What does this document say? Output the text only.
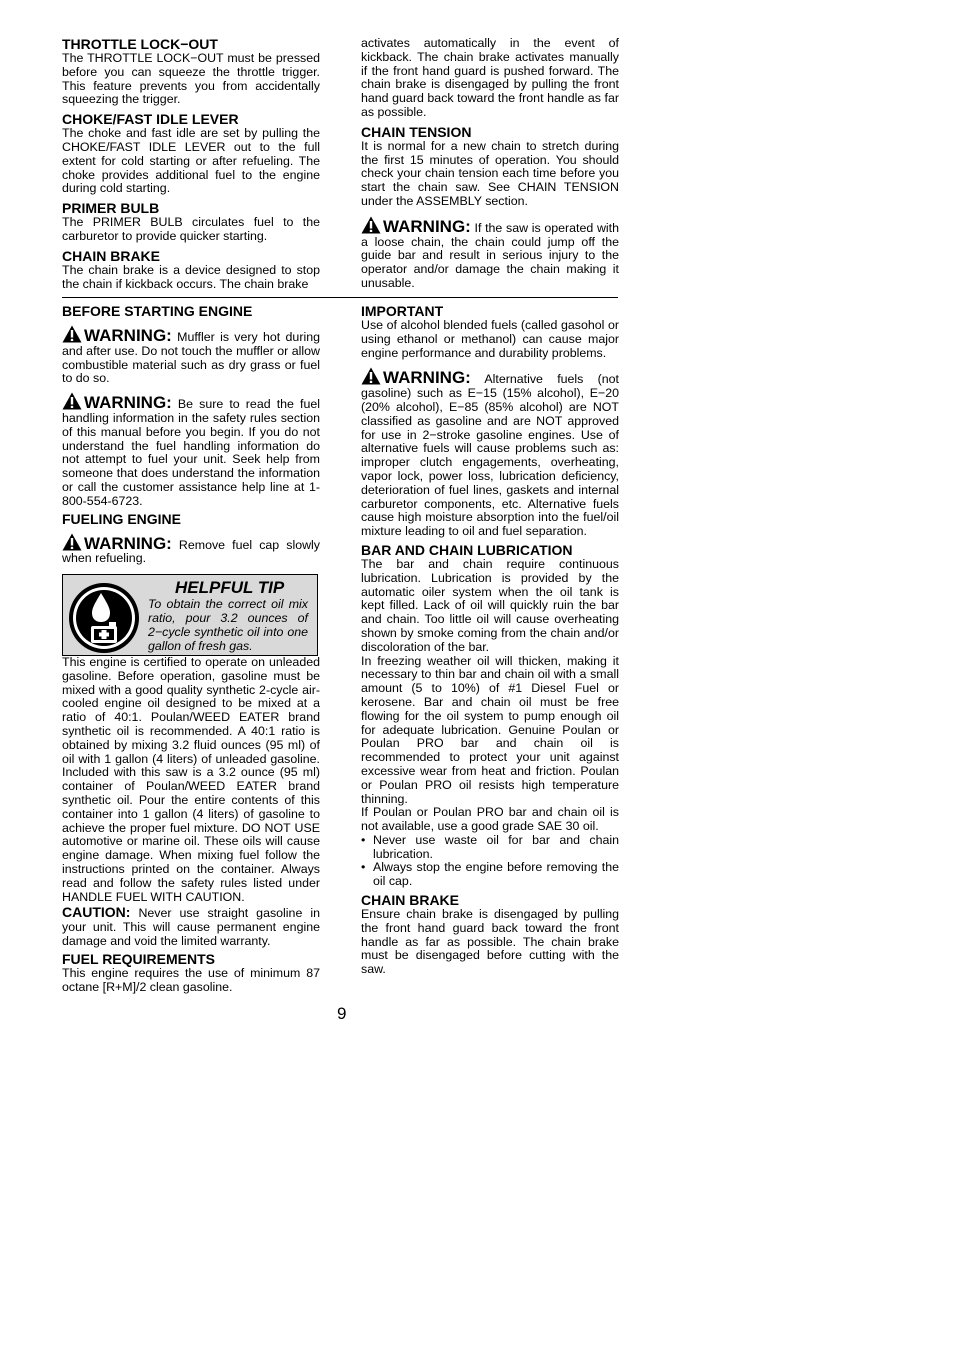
THROTTLE LOCK−OUT

The THROTTLE LOCK−OUT must be pressed before you can squeeze the throttle trigger. This feature prevents you from accidentally squeezing the trigger.

CHOKE/FAST IDLE LEVER

The choke and fast idle are set by pulling the CHOKE/FAST IDLE LEVER out to the full extent for cold starting or after refueling. The choke provides additional fuel to the engine during cold starting.

PRIMER BULB

The PRIMER BULB circulates fuel to the carburetor to provide quicker starting.

CHAIN BRAKE

The chain brake is a device designed to stop the chain if kickback occurs. The chain brake

activates automatically in the event of kickback. The chain brake activates manually if the front hand guard is pushed forward. The chain brake is disengaged by pulling the front hand guard back toward the front handle as far as possible.

CHAIN TENSION

It is normal for a new chain to stretch during the first 15 minutes of operation. You should check your chain tension each time before you start the chain saw. See CHAIN TENSION under the ASSEMBLY section.

WARNING: If the saw is operated with a loose chain, the chain could jump off the guide bar and result in serious injury to the operator and/or damage the chain making it unusable.

BEFORE STARTING ENGINE

WARNING: Muffler is very hot during and after use. Do not touch the muffler or allow combustible material such as dry grass or fuel to do so.

WARNING: Be sure to read the fuel handling information in the safety rules section of this manual before you begin. If you do not understand the fuel handling information do not attempt to fuel your unit. Seek help from someone that does understand the information or call the customer assistance help line at 1-800-554-6723.

FUELING ENGINE

WARNING: Remove fuel cap slowly when refueling.

HELPFUL TIP
To obtain the correct oil mix ratio, pour 3.2 ounces of 2−cycle synthetic oil into one gallon of fresh gas.

This engine is certified to operate on unleaded gasoline. Before operation, gasoline must be mixed with a good quality synthetic 2-cycle air-cooled engine oil designed to be mixed at a ratio of 40:1. Poulan/WEED EATER brand synthetic oil is recommended. A 40:1 ratio is obtained by mixing 3.2 fluid ounces (95 ml) of oil with 1 gallon (4 liters) of unleaded gasoline. Included with this saw is a 3.2 ounce (95 ml) container of Poulan/WEED EATER brand synthetic oil. Pour the entire contents of this container into 1 gallon (4 liters) of gasoline to achieve the proper fuel mixture. DO NOT USE automotive or marine oil. These oils will cause engine damage. When mixing fuel follow the instructions printed on the container. Always read and follow the safety rules listed under HANDLE FUEL WITH CAUTION.

CAUTION: Never use straight gasoline in your unit. This will cause permanent engine damage and void the limited warranty.

FUEL REQUIREMENTS

This engine requires the use of minimum 87 octane [R+M]/2 clean gasoline.

IMPORTANT

Use of alcohol blended fuels (called gasohol or using ethanol or methanol) can cause major engine performance and durability problems.

WARNING: Alternative fuels (not gasoline) such as E−15 (15% alcohol), E−20 (20% alcohol), E−85 (85% alcohol) are NOT classified as gasoline and are NOT approved for use in 2−stroke gasoline engines. Use of alternative fuels will cause problems such as: improper clutch engagements, overheating, vapor lock, power loss, lubrication deficiency, deterioration of fuel lines, gaskets and internal carburetor components, etc. Alternative fuels cause high moisture absorption into the fuel/oil mixture leading to oil and fuel separation.

BAR AND CHAIN LUBRICATION

The bar and chain require continuous lubrication. Lubrication is provided by the automatic oiler system when the oil tank is kept filled. Lack of oil will quickly ruin the bar and chain. Too little oil will cause overheating shown by smoke coming from the chain and/or discoloration of the bar.

In freezing weather oil will thicken, making it necessary to thin bar and chain oil with a small amount (5 to 10%) of #1 Diesel Fuel or kerosene. Bar and chain oil must be free flowing for the oil system to pump enough oil for adequate lubrication. Genuine Poulan or Poulan PRO bar and chain oil is recommended to protect your unit against excessive wear from heat and friction. Poulan or Poulan PRO oil resists high temperature thinning.

If Poulan or Poulan PRO bar and chain oil is not available, use a good grade SAE 30 oil.

• Never use waste oil for bar and chain lubrication.
• Always stop the engine before removing the oil cap.
CHAIN BRAKE

Ensure chain brake is disengaged by pulling the front hand guard back toward the front handle as far as possible. The chain brake must be disengaged before cutting with the saw.

9
